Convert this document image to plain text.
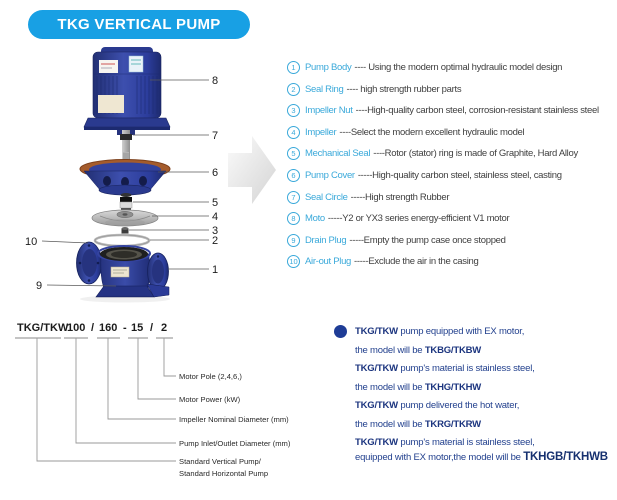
TKG VERTICAL PUMP
8
7
6
5
4
3
2
1
10
9
1 Pump Body ---- Using the modern optimal hydraulic model design
2 Seal Ring ---- high strength rubber parts
3 Impeller Nut ----High-quality carbon steel, corrosion-resistant stainless steel
4 Impeller ----Select the modern excellent hydraulic model
5 Mechanical Seal ----Rotor (stator) ring is made of Graphite, Hard Alloy
6 Pump Cover -----High-quality carbon steel, stainless steel, casting
7 Seal Circle -----High strength Rubber
8 Moto -----Y2 or YX3 series energy-efficient V1 motor
9 Drain Plug -----Empty the pump case once stopped
10 Air-out Plug -----Exclude the air in the casing
TKG/TKW
100 / 160 - 15 / 2
Motor Pole (2,4,6,)
Motor Power (kW)
Impeller Nominal Diameter (mm)
Pump Inlet/Outlet Diameter (mm)
Standard Vertical Pump/
Standard Horizontal Pump
TKG/TKW pump equipped with EX motor,
the model will be TKBG/TKBW
TKG/TKW pump's material is stainless steel,
the model will be TKHG/TKHW
TKG/TKW pump delivered the hot water,
the model will be TKRG/TKRW
TKG/TKW pump's material is stainless steel,
equipped with EX motor,the model will be TKHGB/TKHWB
